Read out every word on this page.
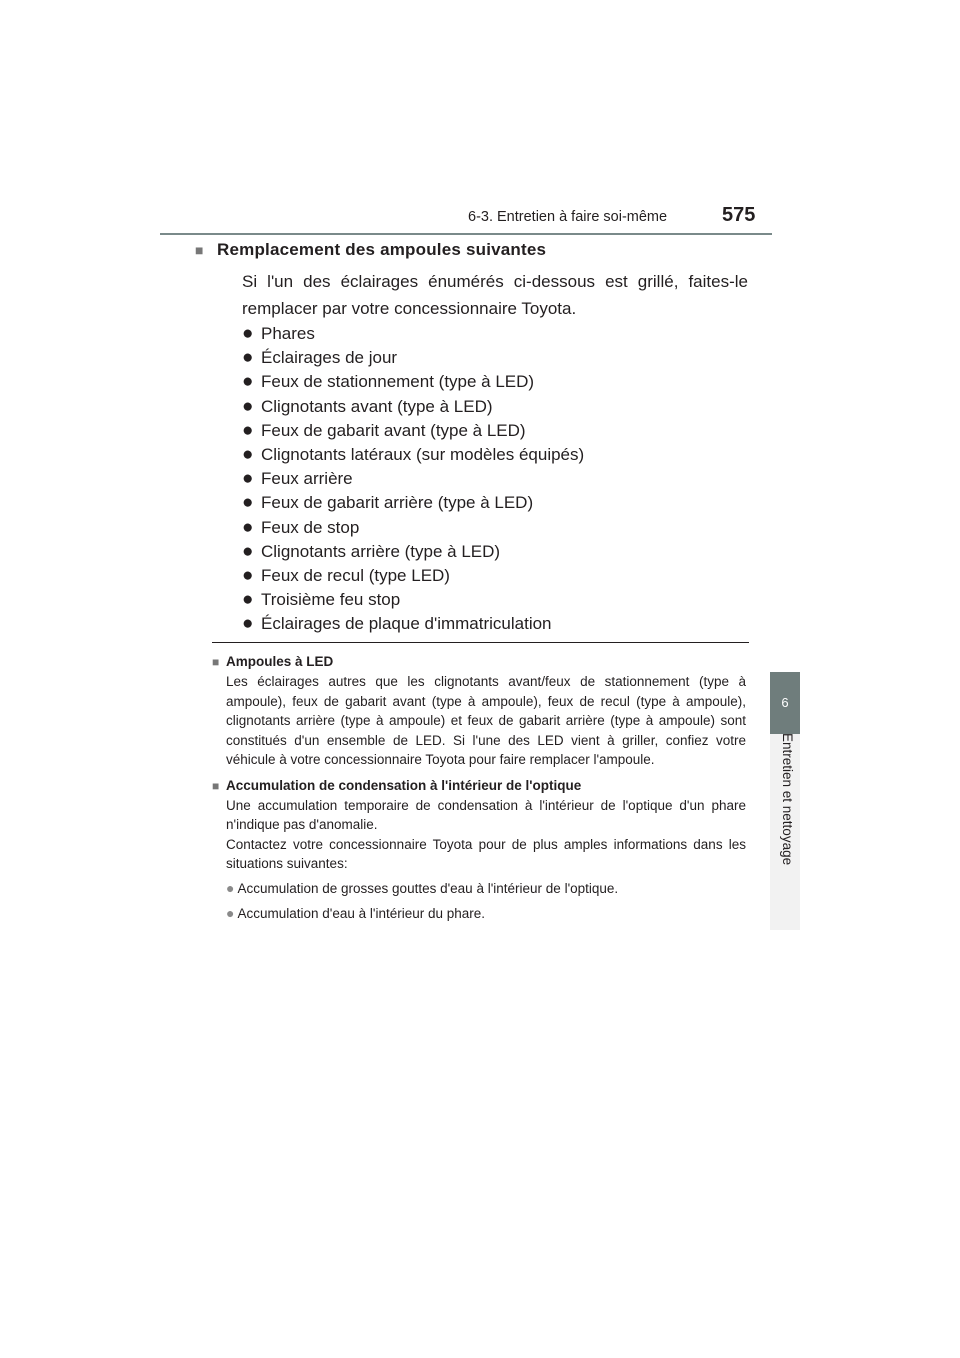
6-3. Entretien à faire soi-même	575
6
Entretien et nettoyage
■ Remplacement des ampoules suivantes
Si l'un des éclairages énumérés ci-dessous est grillé, faites-le remplacer par votre concessionnaire Toyota.
● Phares
● Éclairages de jour
● Feux de stationnement (type à LED)
● Clignotants avant (type à LED)
● Feux de gabarit avant (type à LED)
● Clignotants latéraux (sur modèles équipés)
● Feux arrière
● Feux de gabarit arrière (type à LED)
● Feux de stop
● Clignotants arrière (type à LED)
● Feux de recul (type LED)
● Troisième feu stop
● Éclairages de plaque d'immatriculation
■ Ampoules à LED
Les éclairages autres que les clignotants avant/feux de stationnement (type à ampoule), feux de gabarit avant (type à ampoule), feux de recul (type à ampoule), clignotants arrière (type à ampoule) et feux de gabarit arrière (type à ampoule) sont constitués d'un ensemble de LED. Si l'une des LED vient à griller, confiez votre véhicule à votre concessionnaire Toyota pour faire remplacer l'ampoule.
■ Accumulation de condensation à l'intérieur de l'optique
Une accumulation temporaire de condensation à l'intérieur de l'optique d'un phare n'indique pas d'anomalie.
Contactez votre concessionnaire Toyota pour de plus amples informations dans les situations suivantes:
● Accumulation de grosses gouttes d'eau à l'intérieur de l'optique.
● Accumulation d'eau à l'intérieur du phare.
